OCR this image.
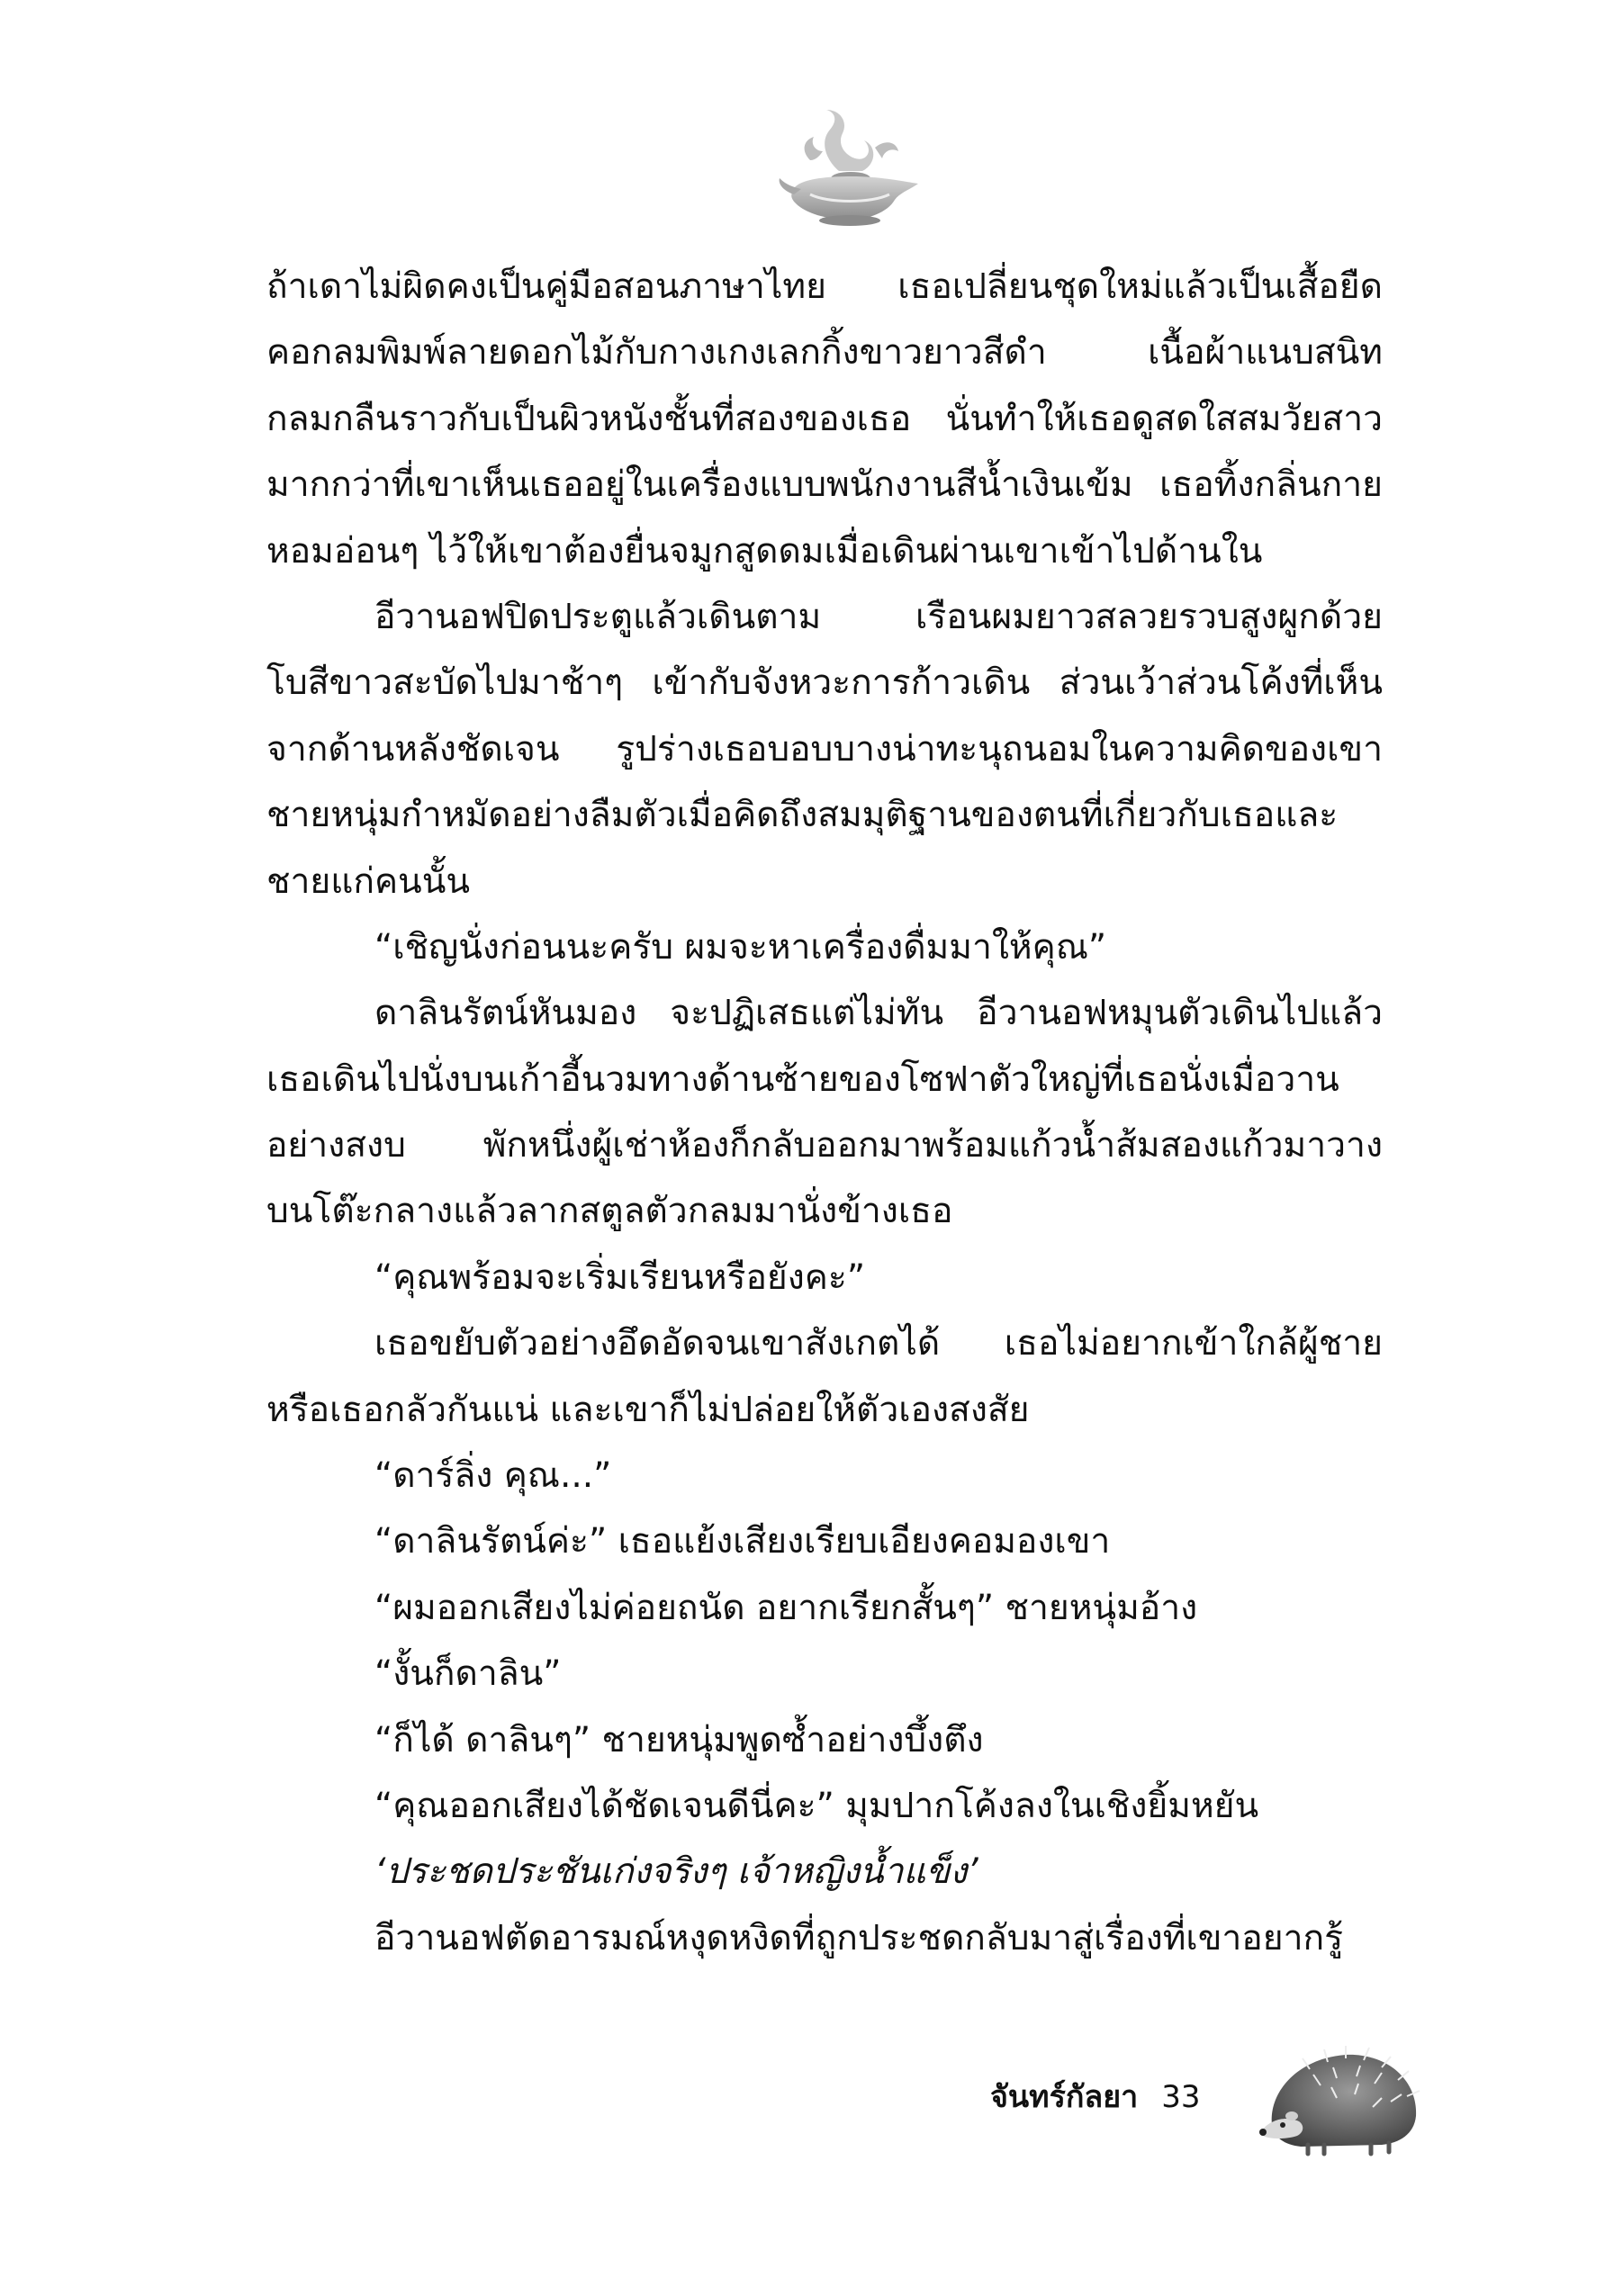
ถ้าเดาไม่ผิดคงเป็นคู่มือสอนภาษาไทย เธอเปลี่ยนชุดใหม่แล้วเป็นเสื้อยืด
คอกลมพิมพ์ลายดอกไม้กับกางเกงเลกกิ้งขาวยาวสีดำ เนื้อผ้าแนบสนิท
กลมกลืนราวกับเป็นผิวหนังชั้นที่สองของเธอ นั่นทำให้เธอดูสดใสสมวัยสาว
มากกว่าที่เขาเห็นเธออยู่ในเครื่องแบบพนักงานสีน้ำเงินเข้ม เธอทิ้งกลิ่นกาย
หอมอ่อนๆ ไว้ให้เขาต้องยื่นจมูกสูดดมเมื่อเดินผ่านเขาเข้าไปด้านใน
อีวานอฟปิดประตูแล้วเดินตาม เรือนผมยาวสลวยรวบสูงผูกด้วย
โบสีขาวสะบัดไปมาช้าๆ เข้ากับจังหวะการก้าวเดิน ส่วนเว้าส่วนโค้งที่เห็น
จากด้านหลังชัดเจน รูปร่างเธอบอบบางน่าทะนุถนอมในความคิดของเขา
ชายหนุ่มกำหมัดอย่างลืมตัวเมื่อคิดถึงสมมุติฐานของตนที่เกี่ยวกับเธอและ
ชายแก่คนนั้น
“เชิญนั่งก่อนนะครับ ผมจะหาเครื่องดื่มมาให้คุณ”
ดาลินรัตน์หันมอง จะปฏิเสธแต่ไม่ทัน อีวานอฟหมุนตัวเดินไปแล้ว
เธอเดินไปนั่งบนเก้าอี้นวมทางด้านซ้ายของโซฟาตัวใหญ่ที่เธอนั่งเมื่อวาน
อย่างสงบ พักหนึ่งผู้เช่าห้องก็กลับออกมาพร้อมแก้วน้ำส้มสองแก้วมาวาง
บนโต๊ะกลางแล้วลากสตูลตัวกลมมานั่งข้างเธอ
“คุณพร้อมจะเริ่มเรียนหรือยังคะ”
เธอขยับตัวอย่างอึดอัดจนเขาสังเกตได้ เธอไม่อยากเข้าใกล้ผู้ชาย
หรือเธอกลัวกันแน่ และเขาก็ไม่ปล่อยให้ตัวเองสงสัย
“ดาร์ลิ่ง คุณ...”
“ดาลินรัตน์ค่ะ” เธอแย้งเสียงเรียบเอียงคอมองเขา
“ผมออกเสียงไม่ค่อยถนัด อยากเรียกสั้นๆ” ชายหนุ่มอ้าง
“งั้นก็ดาลิน”
“ก็ได้ ดาลินๆ” ชายหนุ่มพูดซ้ำอย่างบึ้งตึง
“คุณออกเสียงได้ชัดเจนดีนี่คะ” มุมปากโค้งลงในเชิงยิ้มหยัน
‘ประชดประชันเก่งจริงๆ เจ้าหญิงน้ำแข็ง’
อีวานอฟตัดอารมณ์หงุดหงิดที่ถูกประชดกลับมาสู่เรื่องที่เขาอยากรู้
จันทร์กัลยา 33
